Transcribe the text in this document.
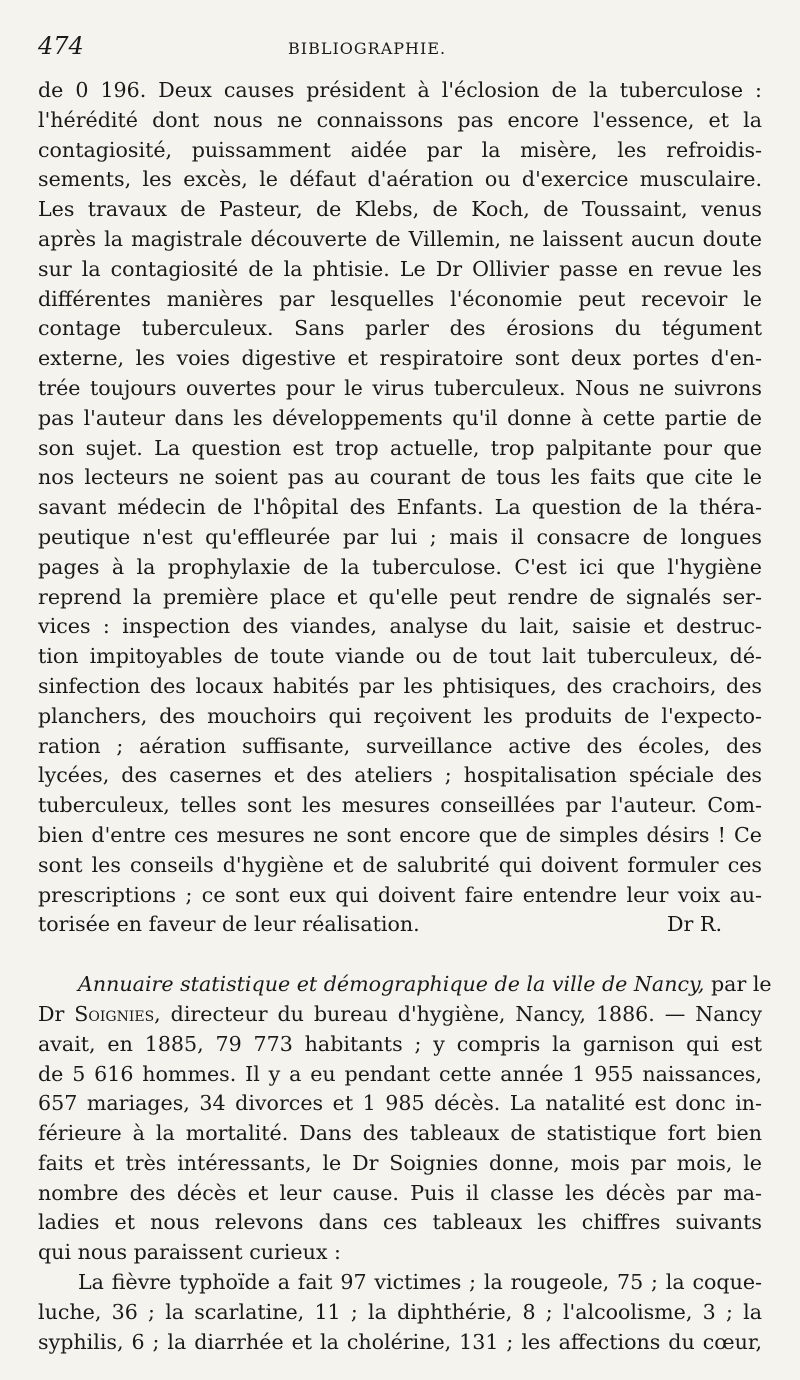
474	BIBLIOGRAPHIE.
de 0 196. Deux causes président à l'éclosion de la tuberculose :
l'hérédité dont nous ne connaissons pas encore l'essence, et la
contagiosité, puissamment aidée par la misère, les refroidis-
sements, les excès, le défaut d'aération ou d'exercice musculaire.
Les travaux de Pasteur, de Klebs, de Koch, de Toussaint, venus
après la magistrale découverte de Villemin, ne laissent aucun doute
sur la contagiosité de la phtisie. Le Dr Ollivier passe en revue les
différentes manières par lesquelles l'économie peut recevoir le
contage tuberculeux. Sans parler des érosions du tégument
externe, les voies digestive et respiratoire sont deux portes d'en-
trée toujours ouvertes pour le virus tuberculeux. Nous ne suivrons
pas l'auteur dans les développements qu'il donne à cette partie de
son sujet. La question est trop actuelle, trop palpitante pour que
nos lecteurs ne soient pas au courant de tous les faits que cite le
savant médecin de l'hôpital des Enfants. La question de la théra-
peutique n'est qu'effleurée par lui ; mais il consacre de longues
pages à la prophylaxie de la tuberculose. C'est ici que l'hygiène
reprend la première place et qu'elle peut rendre de signalés ser-
vices : inspection des viandes, analyse du lait, saisie et destruc-
tion impitoyables de toute viande ou de tout lait tuberculeux, dé-
sinfection des locaux habités par les phtisiques, des crachoirs, des
planchers, des mouchoirs qui reçoivent les produits de l'expecto-
ration ; aération suffisante, surveillance active des écoles, des
lycées, des casernes et des ateliers ; hospitalisation spéciale des
tuberculeux, telles sont les mesures conseillées par l'auteur. Com-
bien d'entre ces mesures ne sont encore que de simples désirs ! Ce
sont les conseils d'hygiène et de salubrité qui doivent formuler ces
prescriptions ; ce sont eux qui doivent faire entendre leur voix au-
torisée en faveur de leur réalisation.	Dr R.
Annuaire statistique et démographique de la ville de Nancy, par le
Dr Soignies, directeur du bureau d'hygiène, Nancy, 1886. — Nancy
avait, en 1885, 79 773 habitants ; y compris la garnison qui est
de 5 616 hommes. Il y a eu pendant cette année 1 955 naissances,
657 mariages, 34 divorces et 1 985 décès. La natalité est donc in-
férieure à la mortalité. Dans des tableaux de statistique fort bien
faits et très intéressants, le Dr Soignies donne, mois par mois, le
nombre des décès et leur cause. Puis il classe les décès par ma-
ladies et nous relevons dans ces tableaux les chiffres suivants
qui nous paraissent curieux :
La fièvre typhoïde a fait 97 victimes ; la rougeole, 75 ; la coque-
luche, 36 ; la scarlatine, 11 ; la diphthérie, 8 ; l'alcoolisme, 3 ; la
syphilis, 6 ; la diarrhée et la cholérine, 131 ; les affections du cœur,
